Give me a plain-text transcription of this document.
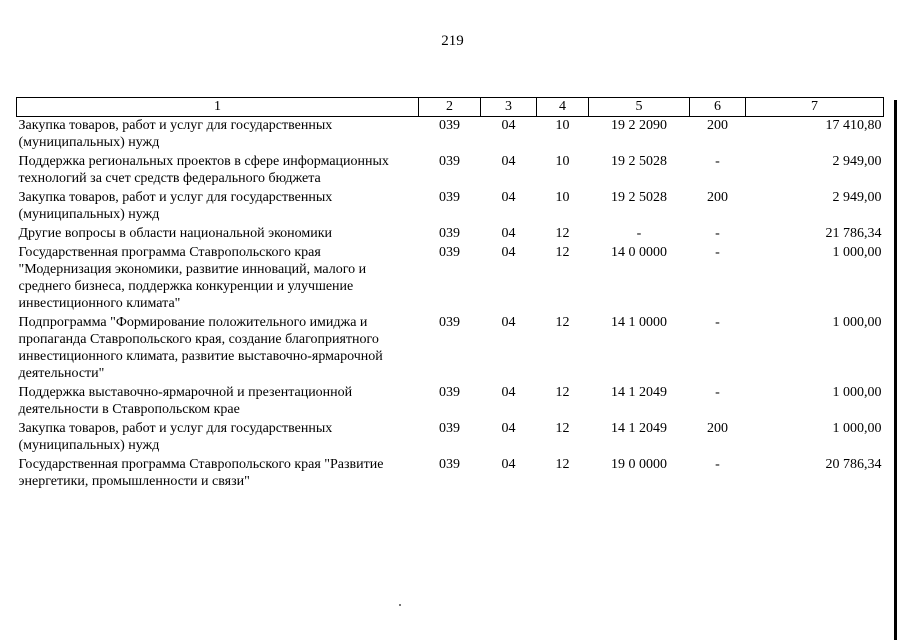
219
1	2	3	4	5	6	7
Закупка товаров, работ и услуг для государственных (муниципальных) нужд	039	04	10	19 2 2090	200	17 410,80
Поддержка региональных проектов в сфере информационных технологий за счет средств федерального бюджета	039	04	10	19 2 5028	-	2 949,00
Закупка товаров, работ и услуг для государственных (муниципальных) нужд	039	04	10	19 2 5028	200	2 949,00
Другие вопросы в области национальной экономики	039	04	12	-	-	21 786,34
Государственная программа Ставропольского края "Модернизация экономики, развитие инноваций, малого и среднего бизнеса, поддержка конкуренции и улучшение инвестиционного климата"	039	04	12	14 0 0000	-	1 000,00
Подпрограмма "Формирование положительного имиджа и пропаганда Ставропольского края, создание благоприятного инвестиционного климата, развитие выставочно-ярмарочной деятельности"	039	04	12	14 1 0000	-	1 000,00
Поддержка выставочно-ярмарочной и презентационной деятельности в Ставропольском крае	039	04	12	14 1 2049	-	1 000,00
Закупка товаров, работ и услуг для государственных (муниципальных) нужд	039	04	12	14 1 2049	200	1 000,00
Государственная программа Ставропольского края "Развитие энергетики, промышленности и связи"	039	04	12	19 0 0000	-	20 786,34
